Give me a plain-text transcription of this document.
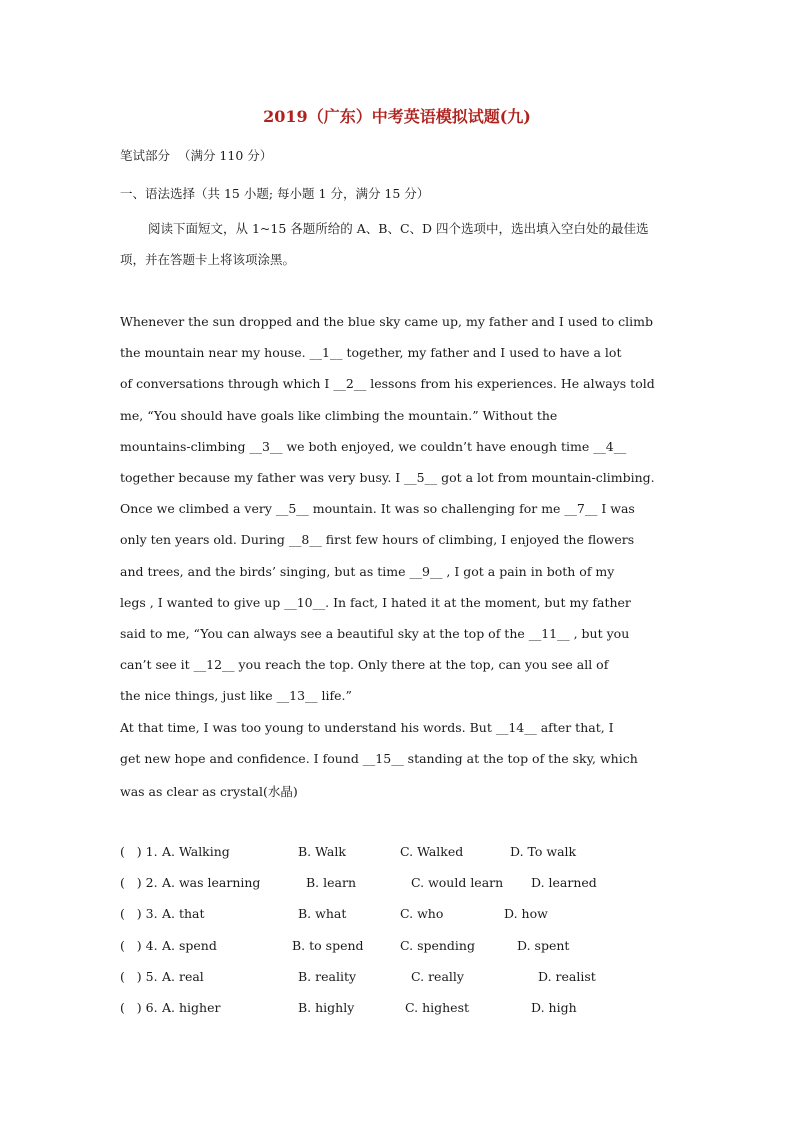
2019（广东）中考英语模拟试题(九)
笔试部分  （满分 110 分）
一、语法选择（共 15 小题; 每小题 1 分，满分 15 分）
阅读下面短文，从 1~15 各题所给的 A、B、C、D 四个选项中，选出填入空白处的最佳选
项，并在答题卡上将该项涂黑。
Whenever the sun dropped and the blue sky came up, my father and I used to climb
the mountain near my house. __1__ together, my father and I used to have a lot
of conversations through which I __2__ lessons from his experiences. He always told
me, “You should have goals like climbing the mountain.” Without the
mountains-climbing __3__ we both enjoyed, we couldn’t have enough time __4__
together because my father was very busy. I __5__ got a lot from mountain-climbing.
Once we climbed a very __5__ mountain. It was so challenging for me __7__ I was
only ten years old. During __8__ first few hours of climbing, I enjoyed the flowers
and trees, and the birds’ singing, but as time __9__ , I got a pain in both of my
legs , I wanted to give up __10__. In fact, I hated it at the moment, but my father
said to me, “You can always see a beautiful sky at the top of the __11__ , but you
can’t see it __12__ you reach the top. Only there at the top, can you see all of
the nice things, just like __13__ life.”
At that time, I was too young to understand his words. But __14__ after that, I
get new hope and confidence. I found __15__ standing at the top of the sky, which
was as clear as crystal(水晶)
(   ) 1. A. Walking	B. Walk	C. Walked	D. To walk
(   ) 2. A. was learning	B. learn	C. would learn D. learned
(   ) 3. A. that	B. what	C. who	D. how
(   ) 4. A. spend	B. to spend	C. spending	D. spent
(   ) 5. A. real	B. reality	C. really	D. realist
(   ) 6. A. higher	B. highly	C. highest	D. high
